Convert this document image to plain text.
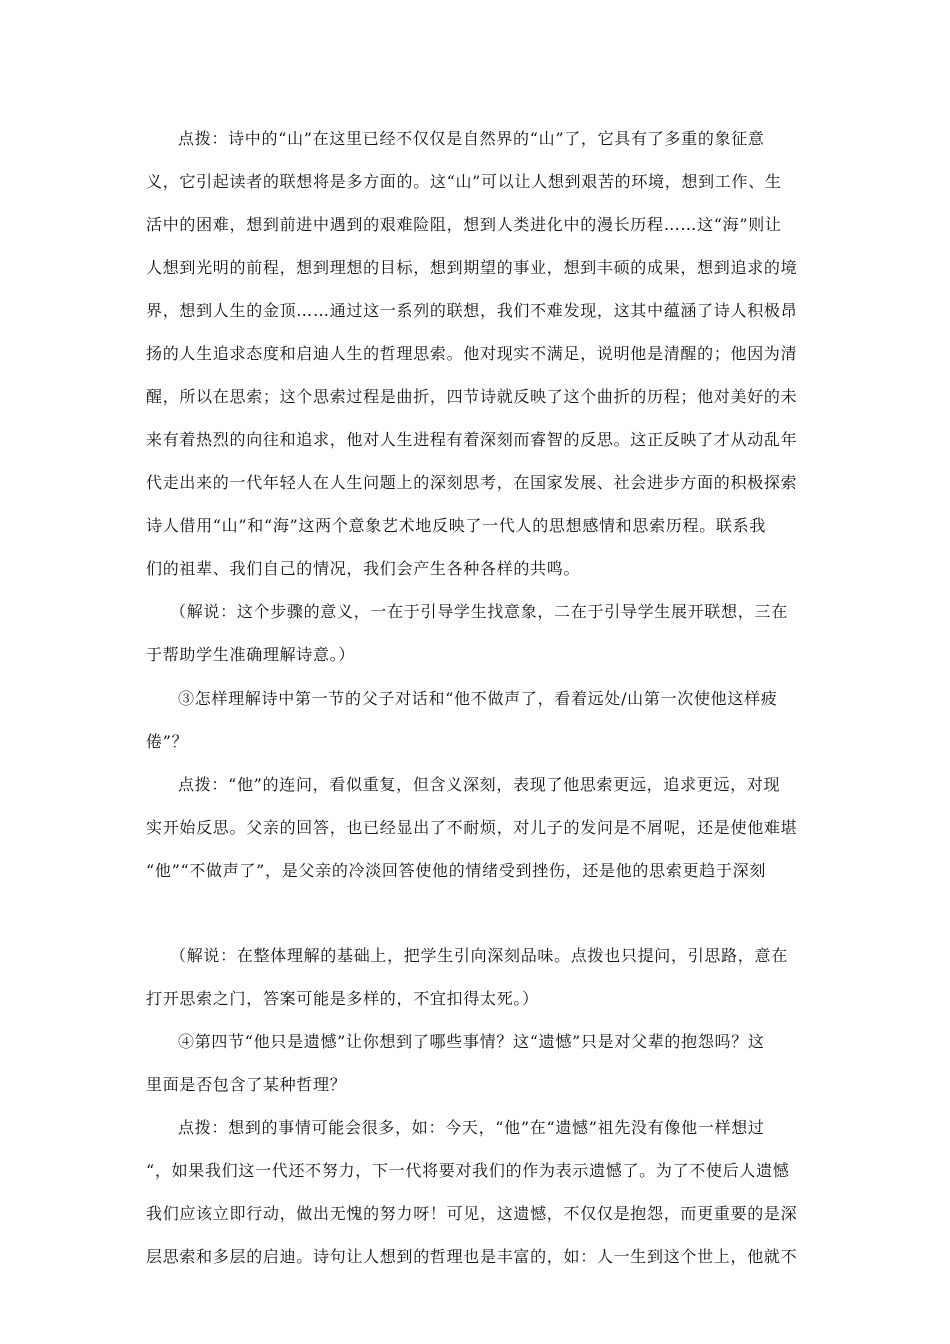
点拨：诗中的“山”在这里已经不仅仅是自然界的“山”了，它具有了多重的象征意
义，它引起读者的联想将是多方面的。这“山”可以让人想到艰苦的环境，想到工作、生
活中的困难，想到前进中遇到的艰难险阻，想到人类进化中的漫长历程……这“海”则让
人想到光明的前程，想到理想的目标，想到期望的事业，想到丰硕的成果，想到追求的境
界，想到人生的金顶……通过这一系列的联想，我们不难发现，这其中蕴涵了诗人积极昂
扬的人生追求态度和启迪人生的哲理思索。他对现实不满足，说明他是清醒的；他因为清
醒，所以在思索；这个思索过程是曲折，四节诗就反映了这个曲折的历程；他对美好的未
来有着热烈的向往和追求，他对人生进程有着深刻而睿智的反思。这正反映了才从动乱年
代走出来的一代年轻人在人生问题上的深刻思考，在国家发展、社会进步方面的积极探索
诗人借用“山”和“海”这两个意象艺术地反映了一代人的思想感情和思索历程。联系我
们的祖辈、我们自己的情况，我们会产生各种各样的共鸣。
（解说：这个步骤的意义，一在于引导学生找意象，二在于引导学生展开联想，三在
于帮助学生准确理解诗意。）
③怎样理解诗中第一节的父子对话和“他不做声了，看着远处/山第一次使他这样疲
倦”？
点拨：“他”的连问，看似重复，但含义深刻，表现了他思索更远，追求更远，对现
实开始反思。父亲的回答，也已经显出了不耐烦，对儿子的发问是不屑呢，还是使他难堪
“他”“不做声了”，是父亲的冷淡回答使他的情绪受到挫伤，还是他的思索更趋于深刻
（解说：在整体理解的基础上，把学生引向深刻品味。点拨也只提问，引思路，意在
打开思索之门，答案可能是多样的，不宜扣得太死。）
④第四节“他只是遗憾”让你想到了哪些事情？这“遗憾”只是对父辈的抱怨吗？这
里面是否包含了某种哲理？
点拨：想到的事情可能会很多，如：今天，“他”在“遗憾”祖先没有像他一样想过
“，如果我们这一代还不努力，下一代将要对我们的作为表示遗憾了。为了不使后人遗憾
我们应该立即行动，做出无愧的努力呀！可见，这遗憾，不仅仅是抱怨，而更重要的是深
层思索和多层的启迪。诗句让人想到的哲理也是丰富的，如：人一生到这个世上，他就不
